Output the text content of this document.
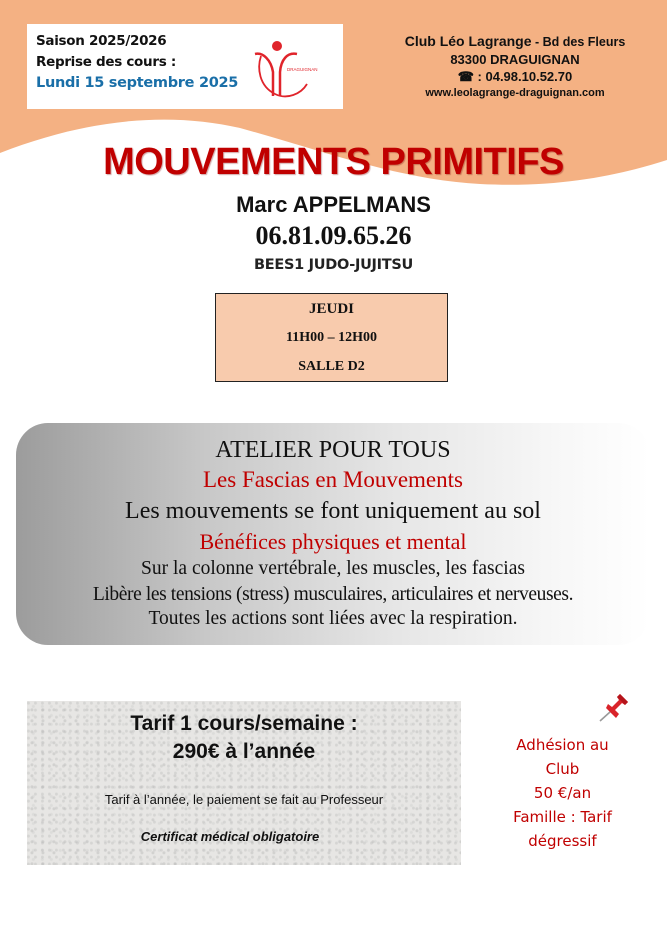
Saison 2025/2026
Reprise des cours :
Lundi 15 septembre 2025
DRAGUIGNAN
Club Léo Lagrange - Bd des Fleurs
83300 DRAGUIGNAN
☎ : 04.98.10.52.70
www.leolagrange-draguignan.com
MOUVEMENTS PRIMITIFS
Marc APPELMANS
06.81.09.65.26
BEES1 JUDO-JUJITSU
JEUDI
11H00 – 12H00
SALLE D2
ATELIER POUR TOUS
Les Fascias en Mouvements
Les mouvements se font uniquement au sol
Bénéfices physiques et mental
Sur la colonne vertébrale, les muscles, les fascias
Libère les tensions (stress) musculaires, articulaires et nerveuses.
Toutes les actions sont liées avec la respiration.
Tarif 1 cours/semaine :
290€ à l’année
Tarif à l’année, le paiement se fait au Professeur
Certificat médical obligatoire
Adhésion au
Club
50 €/an
Famille : Tarif
dégressif
